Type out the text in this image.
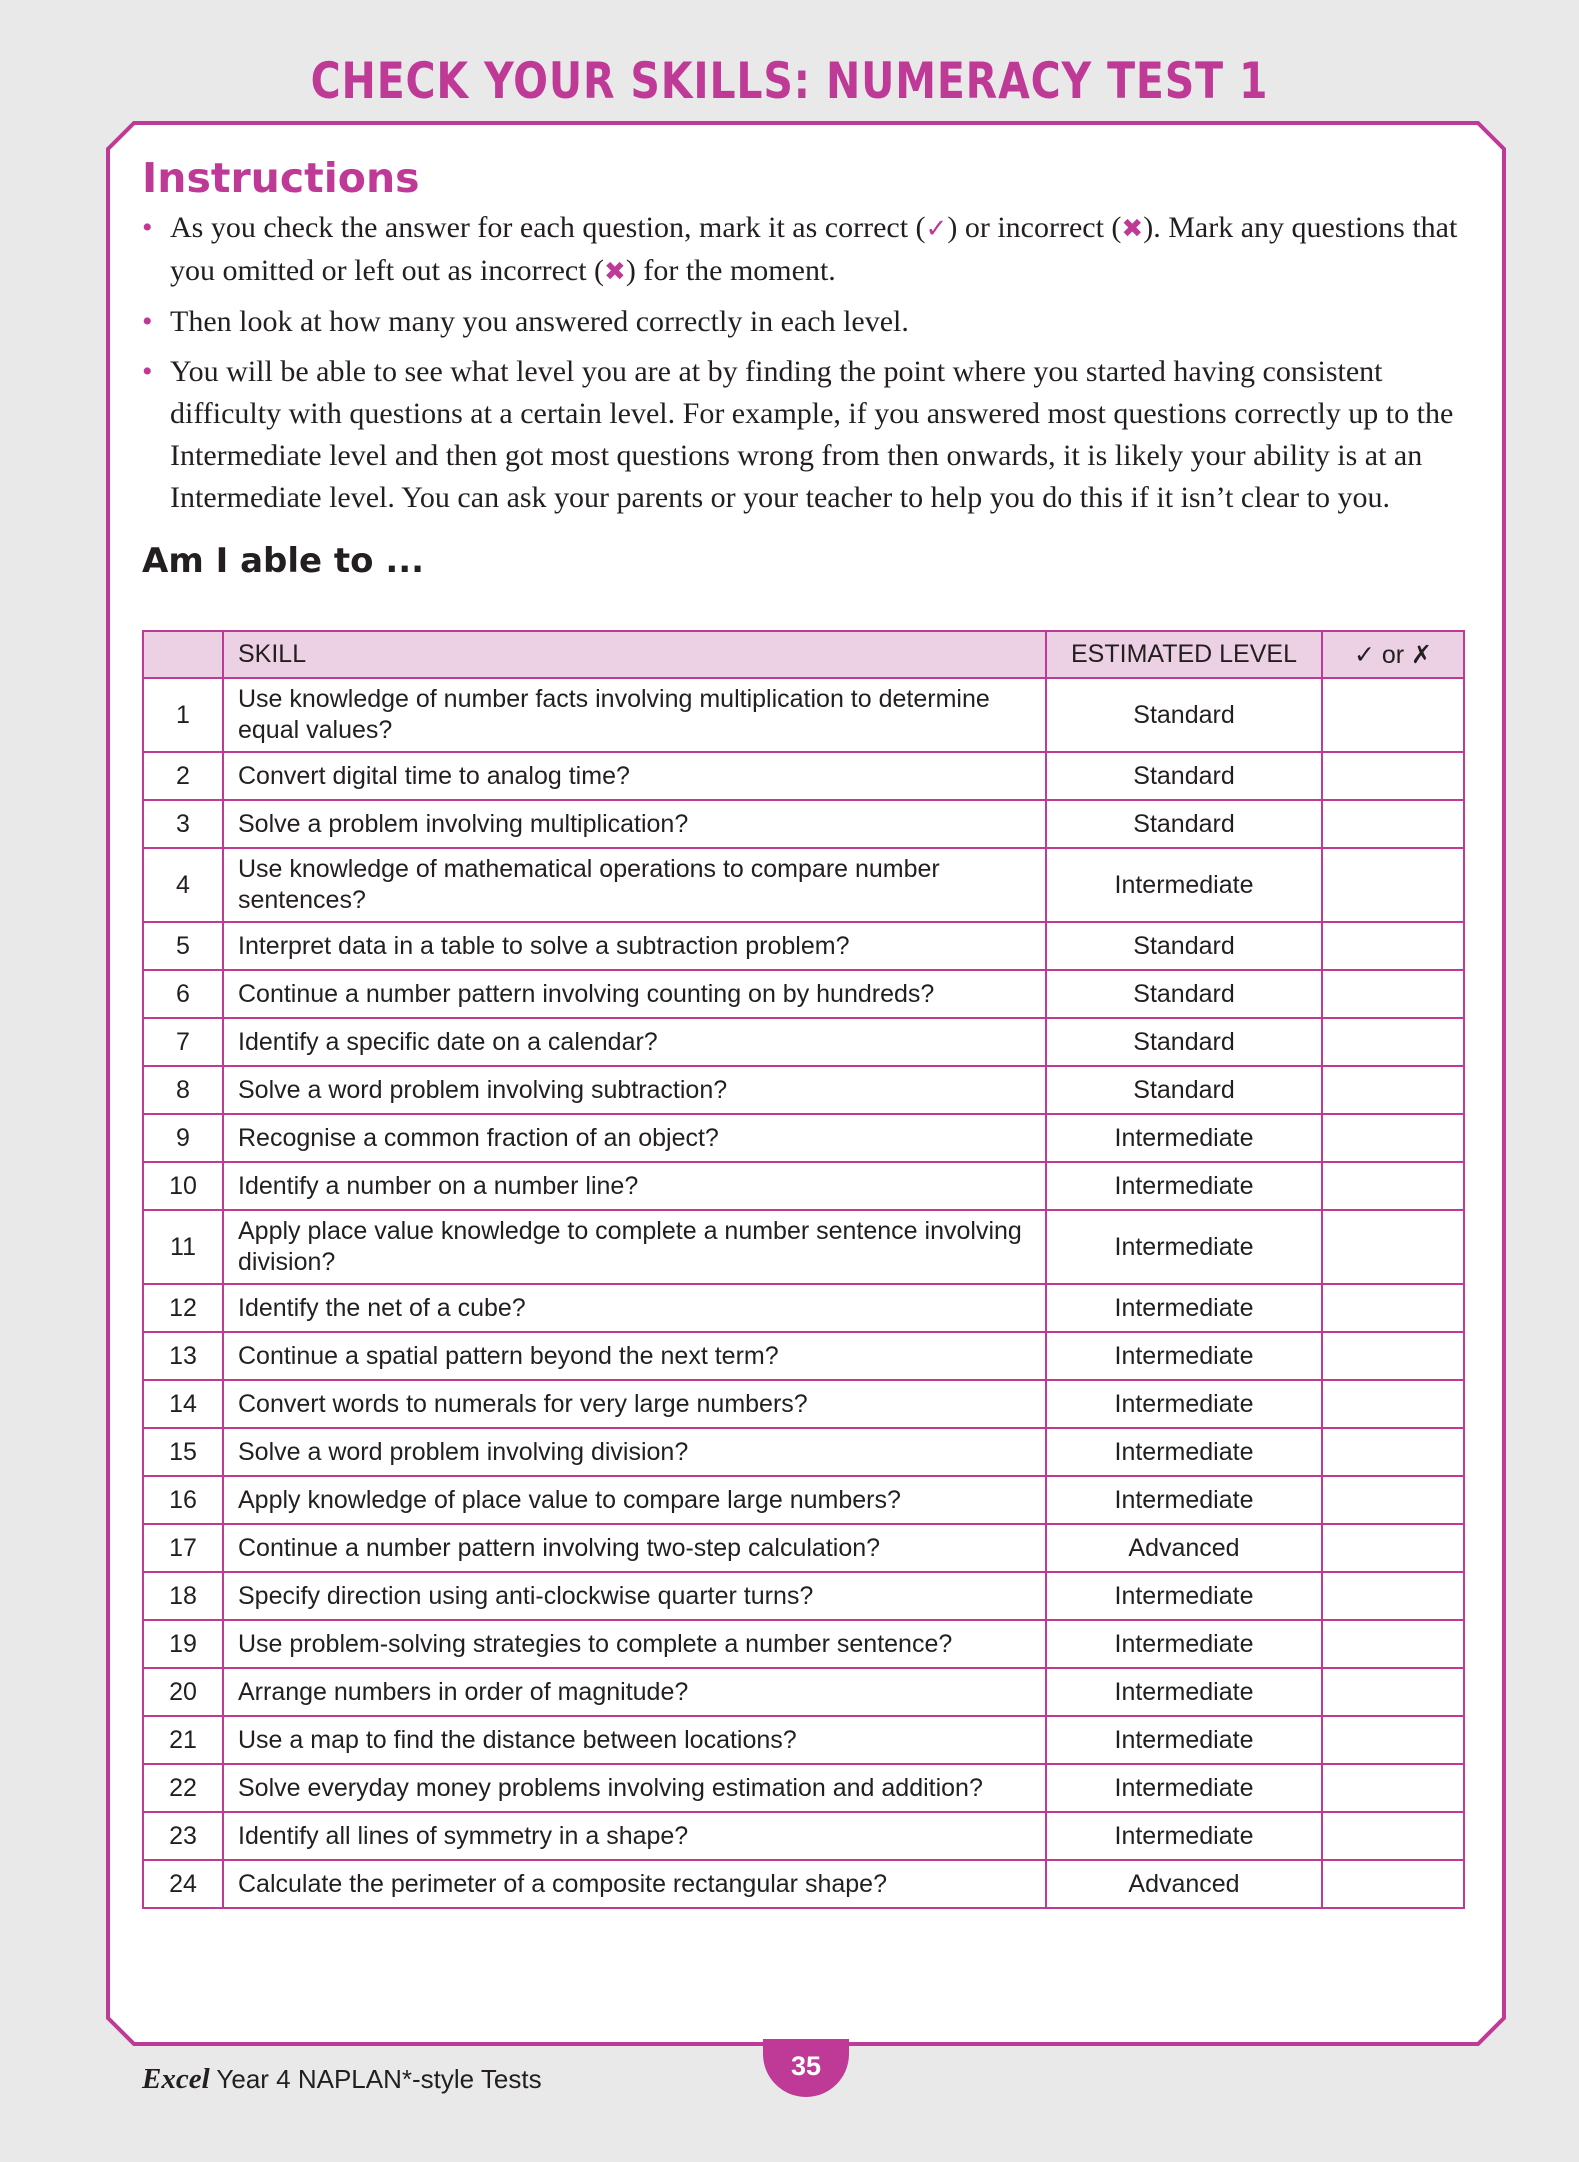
CHECK YOUR SKILLS: NUMERACY TEST 1
Instructions
• As you check the answer for each question, mark it as correct (✓) or incorrect (✖). Mark any questions that you omitted or left out as incorrect (✖) for the moment.
• Then look at how many you answered correctly in each level.
• You will be able to see what level you are at by finding the point where you started having consistent difficulty with questions at a certain level. For example, if you answered most questions correctly up to the Intermediate level and then got most questions wrong from then onwards, it is likely your ability is at an Intermediate level. You can ask your parents or your teacher to help you do this if it isn’t clear to you.
Am I able to ...
	SKILL	ESTIMATED LEVEL	✓ or ✗
1	Use knowledge of number facts involving multiplication to determine equal values?	Standard	
2	Convert digital time to analog time?	Standard	
3	Solve a problem involving multiplication?	Standard	
4	Use knowledge of mathematical operations to compare number sentences?	Intermediate	
5	Interpret data in a table to solve a subtraction problem?	Standard	
6	Continue a number pattern involving counting on by hundreds?	Standard	
7	Identify a specific date on a calendar?	Standard	
8	Solve a word problem involving subtraction?	Standard	
9	Recognise a common fraction of an object?	Intermediate	
10	Identify a number on a number line?	Intermediate	
11	Apply place value knowledge to complete a number sentence involving division?	Intermediate	
12	Identify the net of a cube?	Intermediate	
13	Continue a spatial pattern beyond the next term?	Intermediate	
14	Convert words to numerals for very large numbers?	Intermediate	
15	Solve a word problem involving division?	Intermediate	
16	Apply knowledge of place value to compare large numbers?	Intermediate	
17	Continue a number pattern involving two-step calculation?	Advanced	
18	Specify direction using anti-clockwise quarter turns?	Intermediate	
19	Use problem-solving strategies to complete a number sentence?	Intermediate	
20	Arrange numbers in order of magnitude?	Intermediate	
21	Use a map to find the distance between locations?	Intermediate	
22	Solve everyday money problems involving estimation and addition?	Intermediate	
23	Identify all lines of symmetry in a shape?	Intermediate	
24	Calculate the perimeter of a composite rectangular shape?	Advanced	
Excel Year 4 NAPLAN*-style Tests	35
